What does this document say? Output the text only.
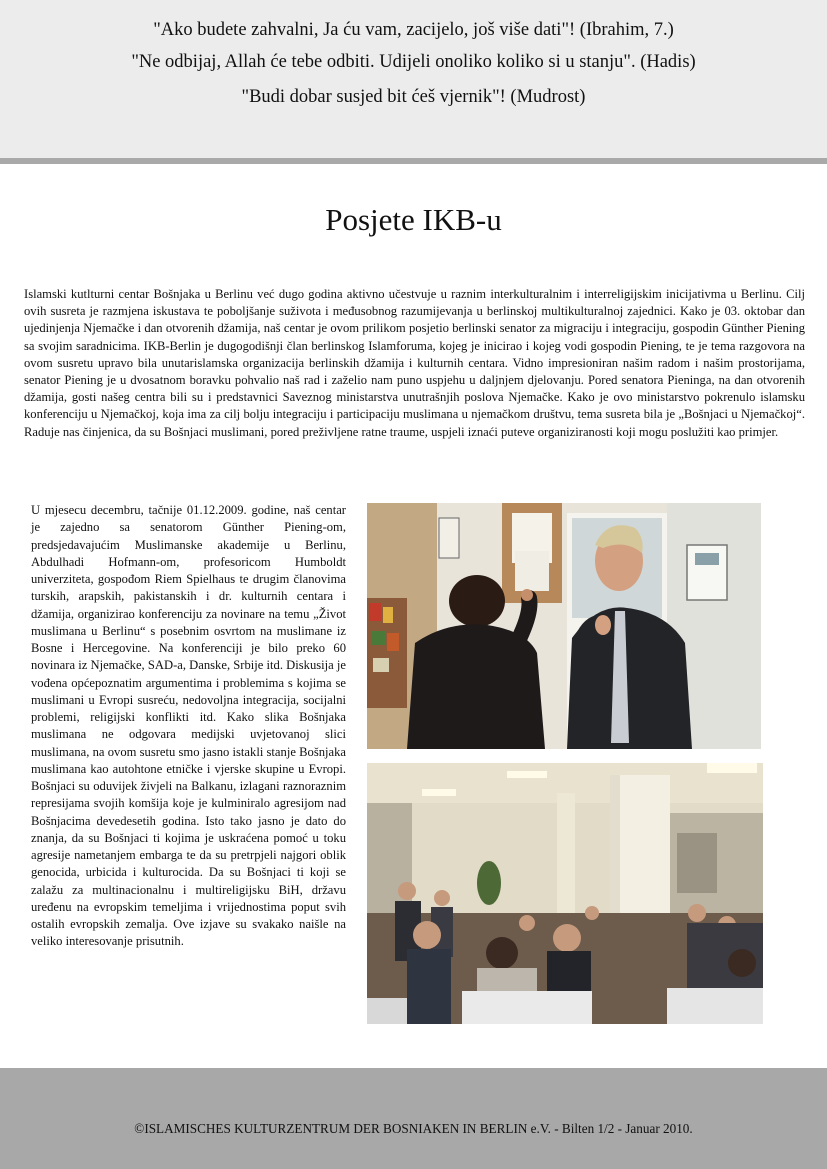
"Ako budete zahvalni, Ja ću vam, zacijelo, još više dati"! (Ibrahim, 7.)
"Ne odbijaj, Allah će tebe odbiti. Udijeli onoliko koliko si u stanju". (Hadis)
"Budi dobar susjed bit ćeš vjernik"! (Mudrost)
Posjete IKB-u
Islamski kutlturni centar Bošnjaka u Berlinu već dugo godina aktivno učestvuje u raznim interkulturalnim i interreligijskim inicijativma u Berlinu. Cilj ovih susreta je razmjena iskustava te poboljšanje suživota i međusobnog razumijevanja u berlinskoj multikulturalnoj zajednici. Kako je 03. oktobar dan ujedinjenja Njemačke i dan otvorenih džamija, naš centar je ovom prilikom posjetio berlinski senator za migraciju i integraciju, gospodin Günther Piening sa svojim saradnicima. IKB-Berlin je dugogodišnji član berlinskog Islamforuma, kojeg je inicirao i kojeg vodi gospodin Piening, te je tema razgovora na ovom susretu upravo bila unutarislamska organizacija berlinskih džamija i kulturnih centara. Vidno impresioniran našim radom i našim prostorijama, senator Piening je u dvosatnom boravku pohvalio naš rad i zaželio nam puno uspjehu u daljnjem djelovanju. Pored senatora Pieninga, na dan otvorenih džamija, gosti našeg centra bili su i predstavnici Saveznog ministarstva unutrašnjih poslova Njemačke. Kako je ovo ministarstvo pokrenulo islamsku konferenciju u Njemačkoj, koja ima za cilj bolju integraciju i participaciju muslimana u njemačkom društvu, tema susreta bila je „Bošnjaci u Njemačkoj“. Raduje nas činjenica, da su Bošnjaci muslimani, pored preživljene ratne traume, uspjeli iznaći puteve organiziranosti koji mogu poslužiti kao primjer.
U mjesecu decembru, tačnije 01.12.2009. godine, naš centar je zajedno sa senatorom Günther Piening-om, predsjedavajućim Muslimanske akademije u Berlinu, Abdulhadi Hofmann-om, profesoricom Humboldt univerziteta, gospođom Riem Spielhaus te drugim članovima turskih, arapskih, pakistanskih i dr. kulturnih centara i džamija, organizirao konferenciju za novinare na temu „Život muslimana u Berlinu“ s posebnim osvrtom na muslimane iz Bosne i Hercegovine. Na konferenciji je bilo preko 60 novinara iz Njemačke, SAD-a, Danske, Srbije itd. Diskusija je vođena općepoznatim argumentima i problemima s kojima se muslimani u Evropi susreću, nedovoljna integracija, socijalni problemi, religijski konflikti itd. Kako slika Bošnjaka muslimana ne odgovara medijski uvjetovanoj slici muslimana, na ovom susretu smo jasno istakli stanje Bošnjaka muslimana kao autohtone etničke i vjerske skupine u Evropi. Bošnjaci su oduvijek živjeli na Balkanu, izlagani raznoraznim represijama svojih komšija koje je kulminiralo agresijom nad Bošnjacima devedesetih godina. Isto tako jasno je dato do znanja, da su Bošnjaci ti kojima je uskraćena pomoć u toku agresije nametanjem embarga te da su pretrpjeli najgori oblik genocida, urbicida i kulturocida. Da su Bošnjaci ti koji se zalažu za multinacionalnu i multireligijsku BiH, državu uređenu na evropskim temeljima i vrijednostima poput svih ostalih evropskih zemalja. Ove izjave su svakako naišle na veliko interesovanje prisutnih.
©ISLAMISCHES KULTURZENTRUM DER BOSNIAKEN IN BERLIN e.V. - Bilten 1/2 - Januar 2010.
